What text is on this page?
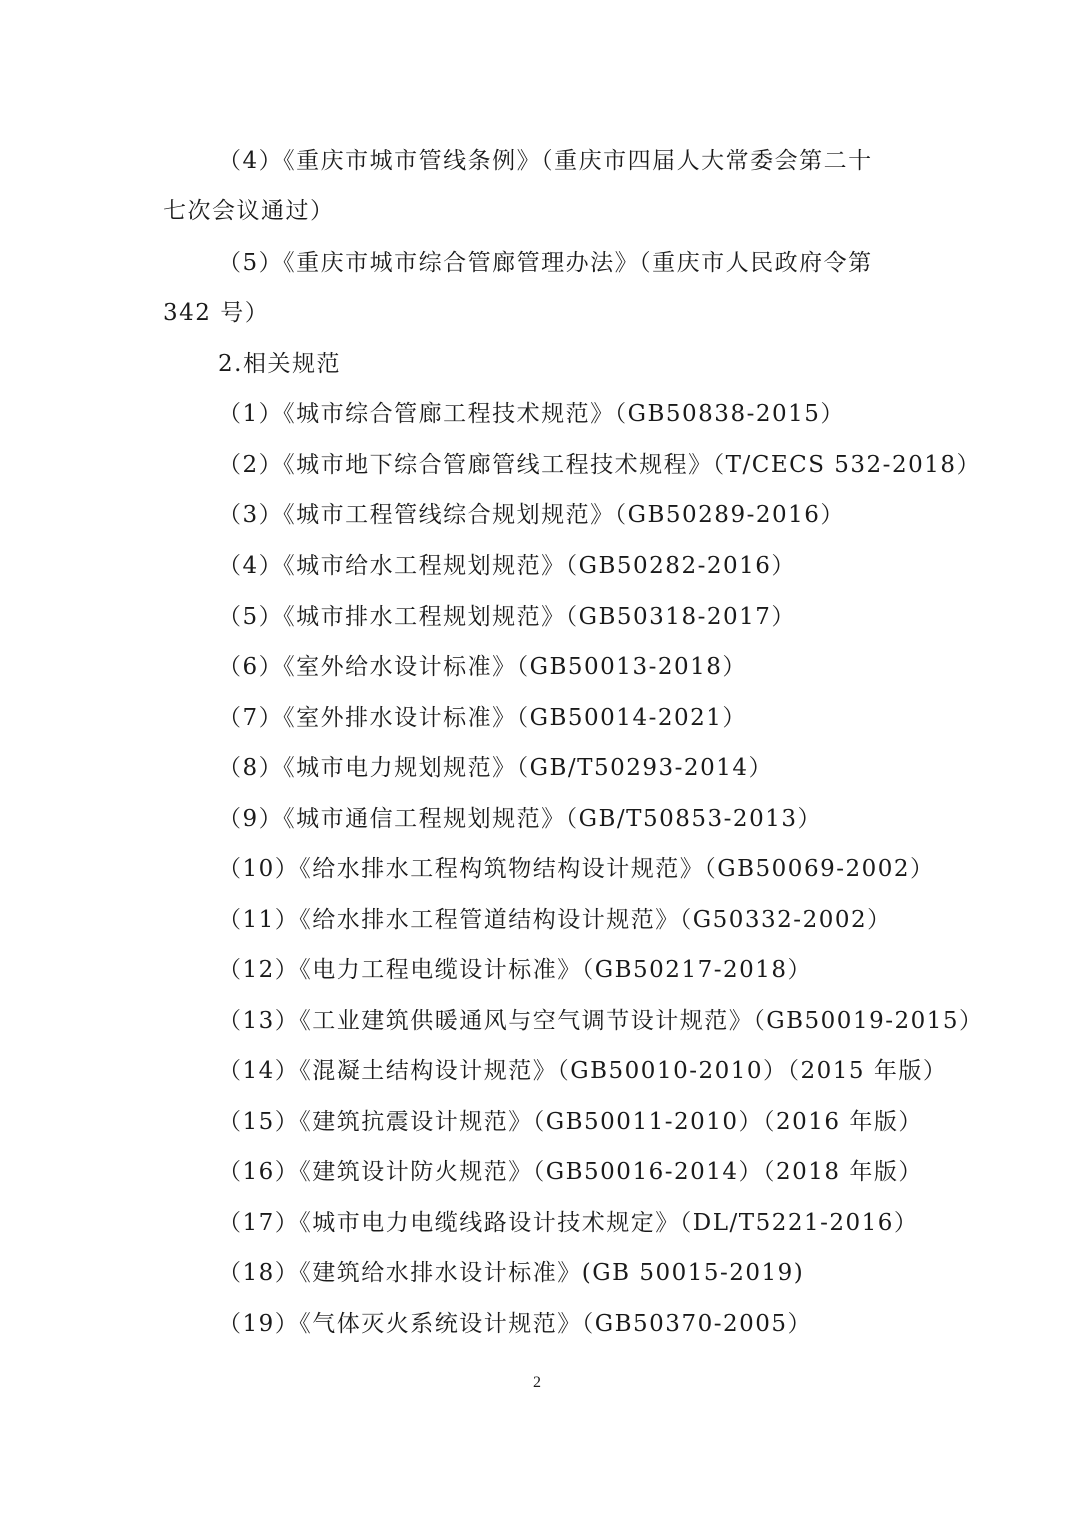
（4）《重庆市城市管线条例》（重庆市四届人大常委会第二十
七次会议通过）
（5）《重庆市城市综合管廊管理办法》（重庆市人民政府令第
342 号）
2.相关规范
（1）《城市综合管廊工程技术规范》（GB50838-2015）
（2）《城市地下综合管廊管线工程技术规程》（T/CECS 532-2018）
（3）《城市工程管线综合规划规范》（GB50289-2016）
（4）《城市给水工程规划规范》（GB50282-2016）
（5）《城市排水工程规划规范》（GB50318-2017）
（6）《室外给水设计标准》（GB50013-2018）
（7）《室外排水设计标准》（GB50014-2021）
（8）《城市电力规划规范》（GB/T50293-2014）
（9）《城市通信工程规划规范》（GB/T50853-2013）
（10）《给水排水工程构筑物结构设计规范》（GB50069-2002）
（11）《给水排水工程管道结构设计规范》（G50332-2002）
（12）《电力工程电缆设计标准》（GB50217-2018）
（13）《工业建筑供暖通风与空气调节设计规范》（GB50019-2015）
（14）《混凝土结构设计规范》（GB50010-2010）（2015 年版）
（15）《建筑抗震设计规范》（GB50011-2010）（2016 年版）
（16）《建筑设计防火规范》（GB50016-2014）（2018 年版）
（17）《城市电力电缆线路设计技术规定》（DL/T5221-2016）
（18）《建筑给水排水设计标准》(GB 50015-2019)
（19）《气体灭火系统设计规范》（GB50370-2005）
2
